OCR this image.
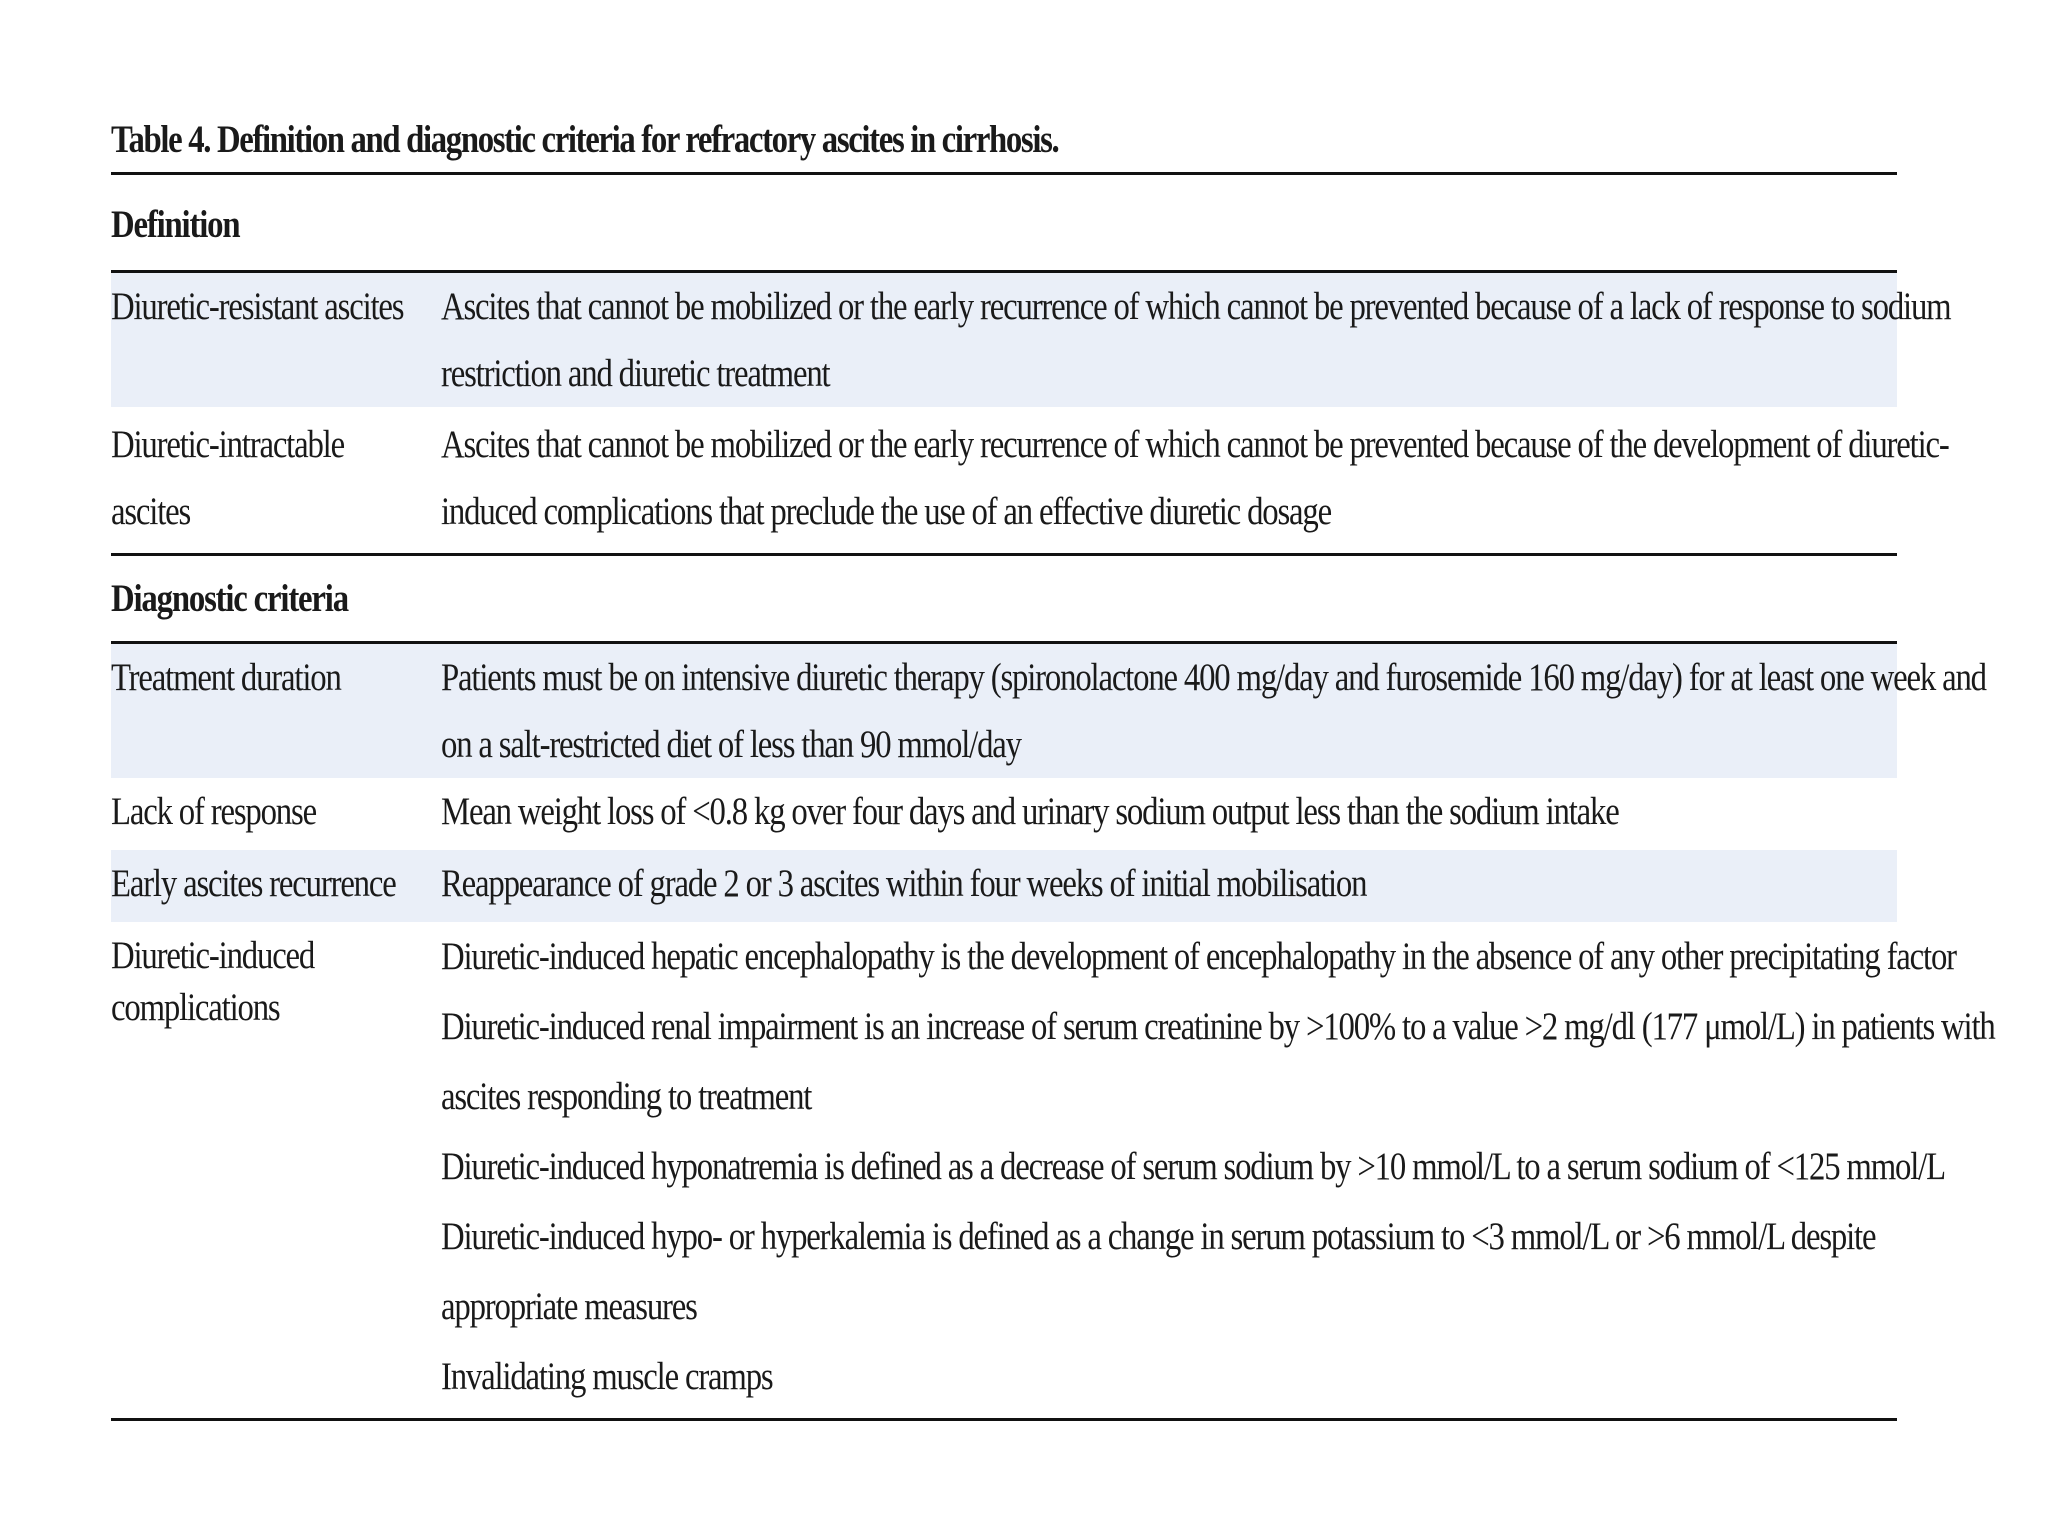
Table 4. Definition and diagnostic criteria for refractory ascites in cirrhosis.
Definition
Diuretic-resistant ascites Ascites that cannot be mobilized or the early recurrence of which cannot be prevented because of a lack of response to sodium
restriction and diuretic treatment
Diuretic-intractable
ascites
Ascites that cannot be mobilized or the early recurrence of which cannot be prevented because of the development of diuretic-
induced complications that preclude the use of an effective diuretic dosage
Diagnostic criteria
Treatment duration	Patients must be on intensive diuretic therapy (spironolactone 400 mg/day and furosemide 160 mg/day) for at least one week and
on a salt-restricted diet of less than 90 mmol/day
Lack of response	Mean weight loss of <0.8 kg over four days and urinary sodium output less than the sodium intake
Early ascites recurrence Reappearance of grade 2 or 3 ascites within four weeks of initial mobilisation
Diuretic-induced
complications
Diuretic-induced hepatic encephalopathy is the development of encephalopathy in the absence of any other precipitating factor
Diuretic-induced renal impairment is an increase of serum creatinine by >100% to a value >2 mg/dl (177 μmol/L) in patients with
ascites responding to treatment
Diuretic-induced hyponatremia is defined as a decrease of serum sodium by >10 mmol/L to a serum sodium of <125 mmol/L
Diuretic-induced hypo- or hyperkalemia is defined as a change in serum potassium to <3 mmol/L or >6 mmol/L despite
appropriate measures
Invalidating muscle cramps
